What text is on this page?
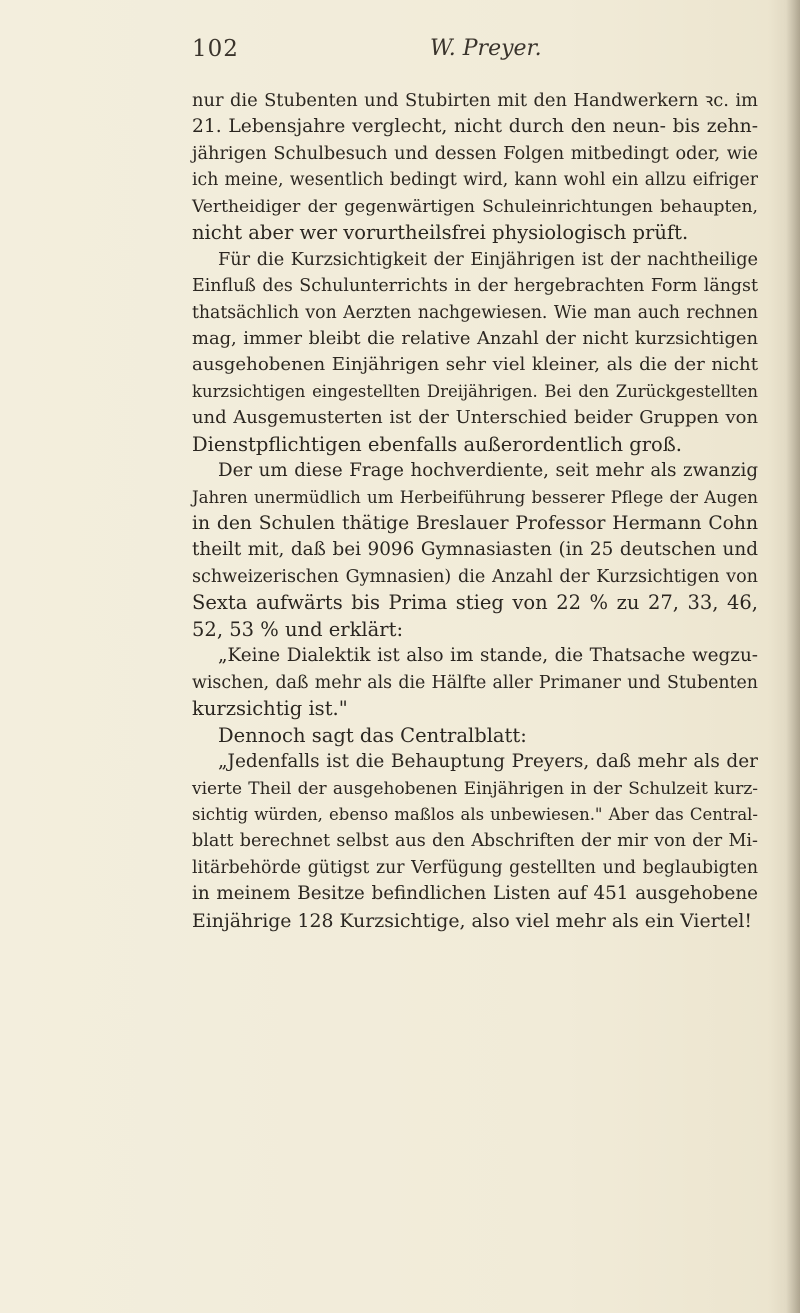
102	W. Preyer.
nur die Stubenten und Stubirten mit den Handwerkern ꝛc. im
21. Lebensjahre verglecht, nicht durch den neun- bis zehn-
jährigen Schulbesuch und dessen Folgen mitbedingt oder, wie
ich meine, wesentlich bedingt wird, kann wohl ein allzu eifriger
Vertheidiger der gegenwärtigen Schuleinrichtungen behaupten,
nicht aber wer vorurtheilsfrei physiologisch prüft.
Für die Kurzsichtigkeit der Einjährigen ist der nachtheilige
Einfluß des Schulunterrichts in der hergebrachten Form längst
thatsächlich von Aerzten nachgewiesen. Wie man auch rechnen
mag, immer bleibt die relative Anzahl der nicht kurzsichtigen
ausgehobenen Einjährigen sehr viel kleiner, als die der nicht
kurzsichtigen eingestellten Dreijährigen. Bei den Zurückgestellten
und Ausgemusterten ist der Unterschied beider Gruppen von
Dienstpflichtigen ebenfalls außerordentlich groß.
Der um diese Frage hochverdiente, seit mehr als zwanzig
Jahren unermüdlich um Herbeiführung besserer Pflege der Augen
in den Schulen thätige Breslauer Professor Hermann Cohn
theilt mit, daß bei 9096 Gymnasiasten (in 25 deutschen und
schweizerischen Gymnasien) die Anzahl der Kurzsichtigen von
Sexta aufwärts bis Prima stieg von 22 % zu 27, 33, 46,
52, 53 % und erklärt:
„Keine Dialektik ist also im stande, die Thatsache wegzu-
wischen, daß mehr als die Hälfte aller Primaner und Stubenten
kurzsichtig ist."
Dennoch sagt das Centralblatt:
„Jedenfalls ist die Behauptung Preyers, daß mehr als der
vierte Theil der ausgehobenen Einjährigen in der Schulzeit kurz-
sichtig würden, ebenso maßlos als unbewiesen." Aber das Central-
blatt berechnet selbst aus den Abschriften der mir von der Mi-
litärbehörde gütigst zur Verfügung gestellten und beglaubigten
in meinem Besitze befindlichen Listen auf 451 ausgehobene
Einjährige 128 Kurzsichtige, also viel mehr als ein Viertel!
